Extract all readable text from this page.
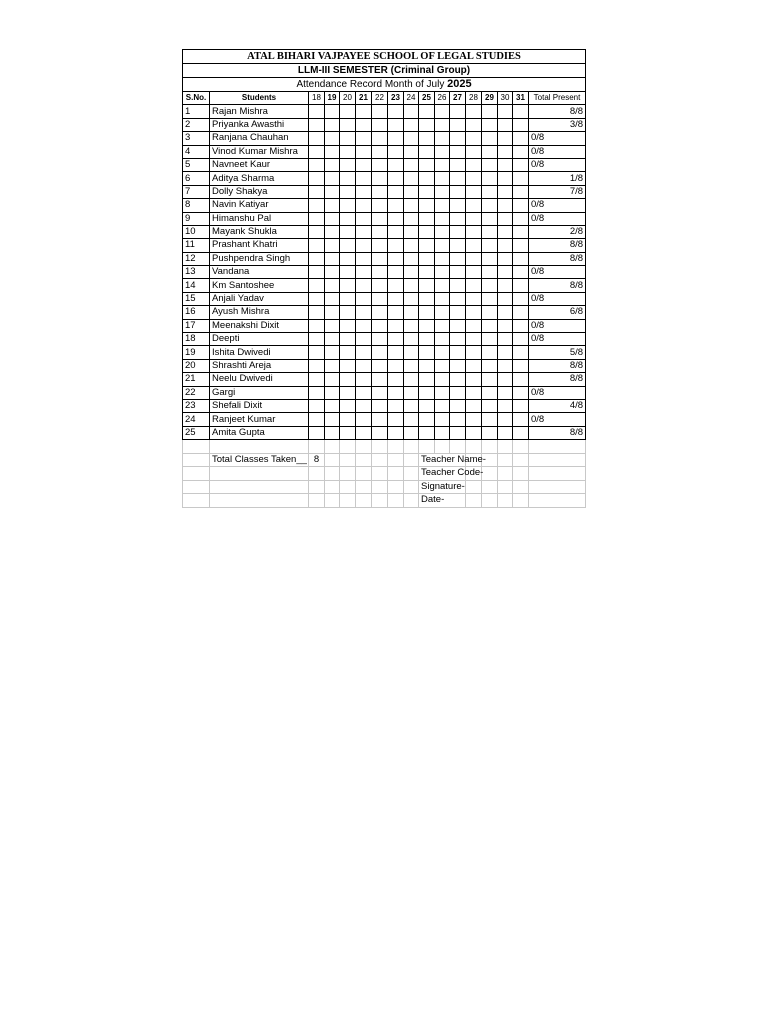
ATAL BIHARI VAJPAYEE SCHOOL OF LEGAL STUDIES																
LLM-III SEMESTER (Criminal Group)																
Attendance Record Month of July 2025																
S.No.	Students	18	19	20	21	22	23	24	25	26	27	28	29	30	31	Total Present
1	Rajan Mishra															8/8
2	Priyanka Awasthi															3/8
3	Ranjana Chauhan															0/8
4	Vinod Kumar Mishra															0/8
5	Navneet Kaur															0/8
6	Aditya Sharma															1/8
7	Dolly Shakya															7/8
8	Navin Katiyar															0/8
9	Himanshu Pal															0/8
10	Mayank Shukla															2/8
11	Prashant Khatri															8/8
12	Pushpendra Singh															8/8
13	Vandana															0/8
14	Km Santoshee															8/8
15	Anjali Yadav															0/8
16	Ayush Mishra															6/8
17	Meenakshi Dixit															0/8
18	Deepti															0/8
19	Ishita Dwivedi															5/8
20	Shrashti Areja															8/8
21	Neelu Dwivedi															8/8
22	Gargi															0/8
23	Shefali Dixit															4/8
24	Ranjeet Kumar															0/8
25	Amita Gupta															8/8

	Total Classes Taken__	8							Teacher Name-							
									Teacher Code-							
									Signature-							
									Date-							
